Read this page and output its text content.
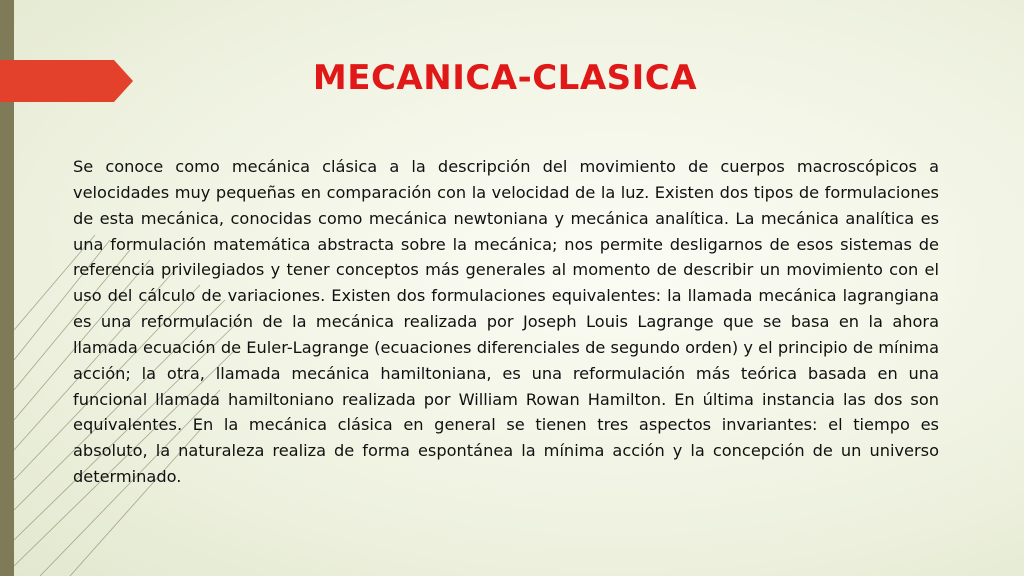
MECANICA-CLASICA

Se conoce como mecánica clásica a la descripción del movimiento de cuerpos macroscópicos a velocidades muy pequeñas en comparación con la velocidad de la luz. Existen dos tipos de formulaciones de esta mecánica, conocidas como mecánica newtoniana y mecánica analítica. La mecánica analítica es una formulación matemática abstracta sobre la mecánica; nos permite desligarnos de esos sistemas de referencia privilegiados y tener conceptos más generales al momento de describir un movimiento con el uso del cálculo de variaciones. Existen dos formulaciones equivalentes: la llamada mecánica lagrangiana es una reformulación de la mecánica realizada por Joseph Louis Lagrange que se basa en la ahora llamada ecuación de Euler-Lagrange (ecuaciones diferenciales de segundo orden) y el principio de mínima acción; la otra, llamada mecánica hamiltoniana, es una reformulación más teórica basada en una funcional llamada hamiltoniano realizada por William Rowan Hamilton. En última instancia las dos son equivalentes. En la mecánica clásica en general se tienen tres aspectos invariantes: el tiempo es absoluto, la naturaleza realiza de forma espontánea la mínima acción y la concepción de un universo determinado.
